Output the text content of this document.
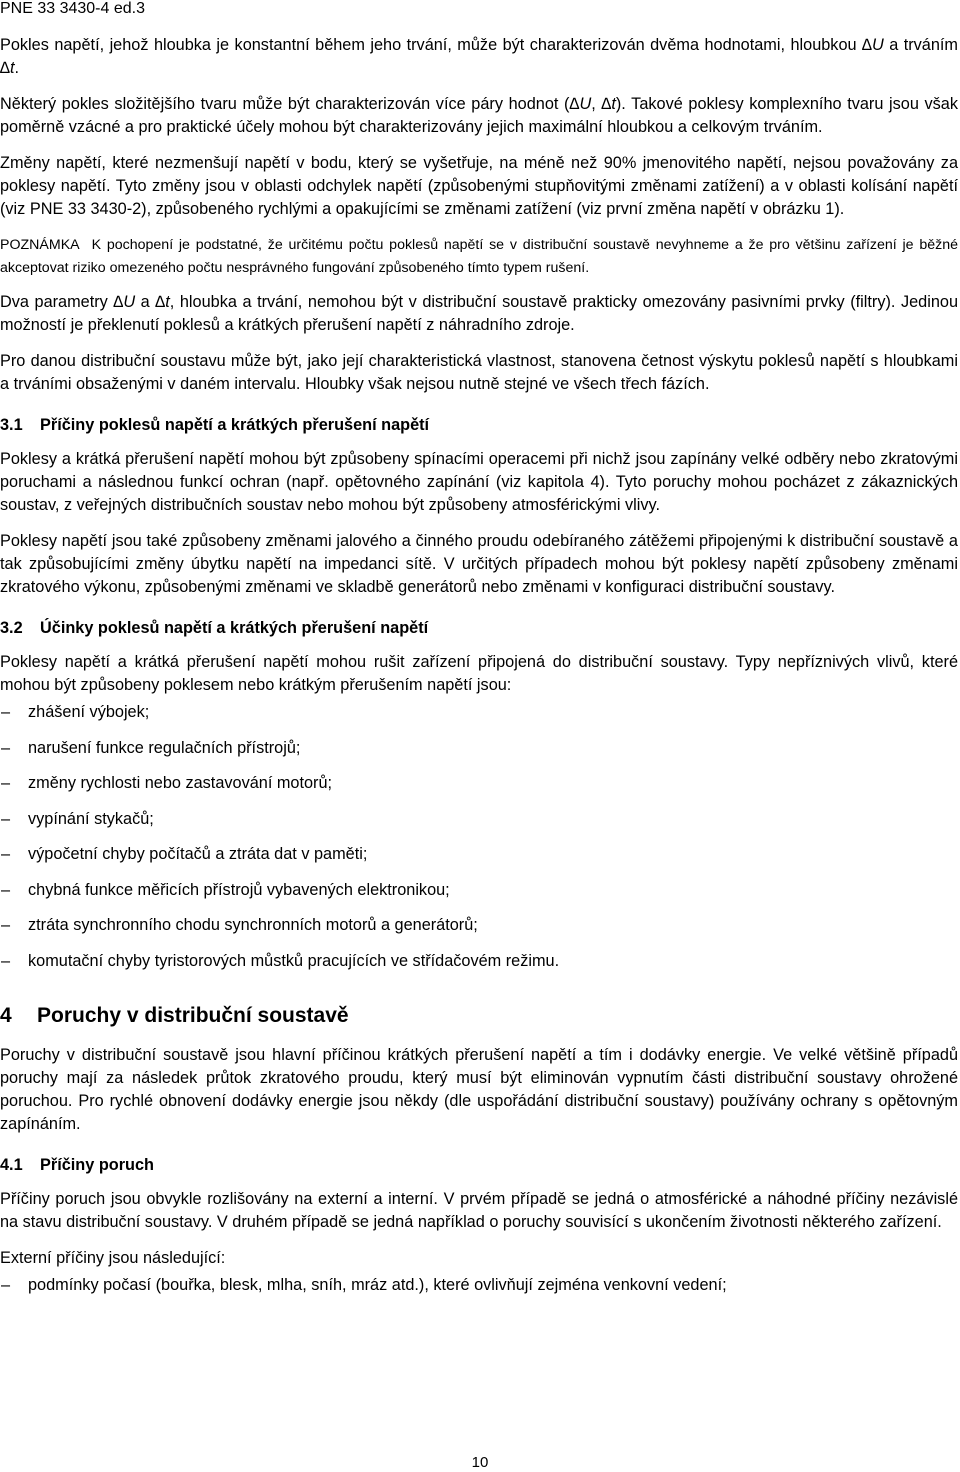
PNE 33 3430-4 ed.3

Pokles napětí, jehož hloubka je konstantní během jeho trvání, může být charakterizován dvěma hodnotami, hloubkou ∆U a trváním ∆t.

Některý pokles složitějšího tvaru může být charakterizován více páry hodnot (∆U, ∆t). Takové poklesy komplexního tvaru jsou však poměrně vzácné a pro praktické účely mohou být charakterizovány jejich maximální hloubkou a celkovým trváním.

Změny napětí, které nezmenšují napětí v bodu, který se vyšetřuje, na méně než 90% jmenovitého napětí, nejsou považovány za poklesy napětí. Tyto změny jsou v oblasti odchylek napětí (způsobenými stupňovitými změnami zatížení) a v oblasti kolísání napětí (viz PNE 33 3430-2), způsobeného rychlými a opakujícími se změnami zatížení (viz první změna napětí v obrázku 1).

POZNÁMKA K pochopení je podstatné, že určitému počtu poklesů napětí se v distribuční soustavě nevyhneme a že pro většinu zařízení je běžné akceptovat riziko omezeného počtu nesprávného fungování způsobeného tímto typem rušení.

Dva parametry ∆U a ∆t, hloubka a trvání, nemohou být v distribuční soustavě prakticky omezovány pasivními prvky (filtry). Jedinou možností je překlenutí poklesů a krátkých přerušení napětí z náhradního zdroje.

Pro danou distribuční soustavu může být, jako její charakteristická vlastnost, stanovena četnost výskytu poklesů napětí s hloubkami a trváními obsaženými v daném intervalu. Hloubky však nejsou nutně stejné ve všech třech fázích.

3.1 Příčiny poklesů napětí a krátkých přerušení napětí

Poklesy a krátká přerušení napětí mohou být způsobeny spínacími operacemi při nichž jsou zapínány velké odběry nebo zkratovými poruchami a následnou funkcí ochran (např. opětovného zapínání (viz kapitola 4). Tyto poruchy mohou pocházet z zákaznických soustav, z veřejných distribučních soustav nebo mohou být způsobeny atmosférickými vlivy.

Poklesy napětí jsou také způsobeny změnami jalového a činného proudu odebíraného zátěžemi připojenými k distribuční soustavě a tak způsobujícími změny úbytku napětí na impedanci sítě. V určitých případech mohou být poklesy napětí způsobeny změnami zkratového výkonu, způsobenými změnami ve skladbě generátorů nebo změnami v konfiguraci distribuční soustavy.

3.2 Účinky poklesů napětí a krátkých přerušení napětí

Poklesy napětí a krátká přerušení napětí mohou rušit zařízení připojená do distribuční soustavy. Typy nepříznivých vlivů, které mohou být způsobeny poklesem nebo krátkým přerušením napětí jsou:

– zhášení výbojek;
– narušení funkce regulačních přístrojů;
– změny rychlosti nebo zastavování motorů;
– vypínání stykačů;
– výpočetní chyby počítačů a ztráta dat v paměti;
– chybná funkce měřicích přístrojů vybavených elektronikou;
– ztráta synchronního chodu synchronních motorů a generátorů;
– komutační chyby tyristorových můstků pracujících ve střídačovém režimu.
4 Poruchy v distribuční soustavě

Poruchy v distribuční soustavě jsou hlavní příčinou krátkých přerušení napětí a tím i dodávky energie. Ve velké většině případů poruchy mají za následek průtok zkratového proudu, který musí být eliminován vypnutím části distribuční soustavy ohrožené poruchou. Pro rychlé obnovení dodávky energie jsou někdy (dle uspořádání distribuční soustavy) používány ochrany s opětovným zapínáním.

4.1 Příčiny poruch

Příčiny poruch jsou obvykle rozlišovány na externí a interní. V prvém případě se jedná o atmosférické a náhodné příčiny nezávislé na stavu distribuční soustavy. V druhém případě se jedná například o poruchy souvisící s ukončením životnosti některého zařízení.

Externí příčiny jsou následující:

– podmínky počasí (bouřka, blesk, mlha, sníh, mráz atd.), které ovlivňují zejména venkovní vedení;
10
